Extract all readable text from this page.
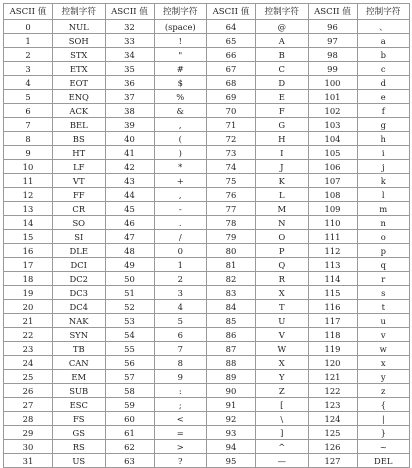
ASCII 值	控制字符	ASCII 值	控制字符	ASCII 值	控制字符	ASCII 值	控制字符
0	NUL	32	(space)	64	@	96	、
1	SOH	33	!	65	A	97	a
2	STX	34	"	66	B	98	b
3	ETX	35	#	67	C	99	c
4	EOT	36	$	68	D	100	d
5	ENQ	37	%	69	E	101	e
6	ACK	38	&	70	F	102	f
7	BEL	39	,	71	G	103	g
8	BS	40	(	72	H	104	h
9	HT	41	)	73	I	105	i
10	LF	42	*	74	J	106	j
11	VT	43	+	75	K	107	k
12	FF	44	,	76	L	108	l
13	CR	45	-	77	M	109	m
14	SO	46	.	78	N	110	n
15	SI	47	/	79	O	111	o
16	DLE	48	0	80	P	112	p
17	DCI	49	1	81	Q	113	q
18	DC2	50	2	82	R	114	r
19	DC3	51	3	83	X	115	s
20	DC4	52	4	84	T	116	t
21	NAK	53	5	85	U	117	u
22	SYN	54	6	86	V	118	v
23	TB	55	7	87	W	119	w
24	CAN	56	8	88	X	120	x
25	EM	57	9	89	Y	121	y
26	SUB	58	:	90	Z	122	z
27	ESC	59	;	91	[	123	{
28	FS	60	<	92	\	124	|
29	GS	61	=	93	]	125	}
30	RS	62	>	94	^	126	~
31	US	63	?	95	—	127	DEL
